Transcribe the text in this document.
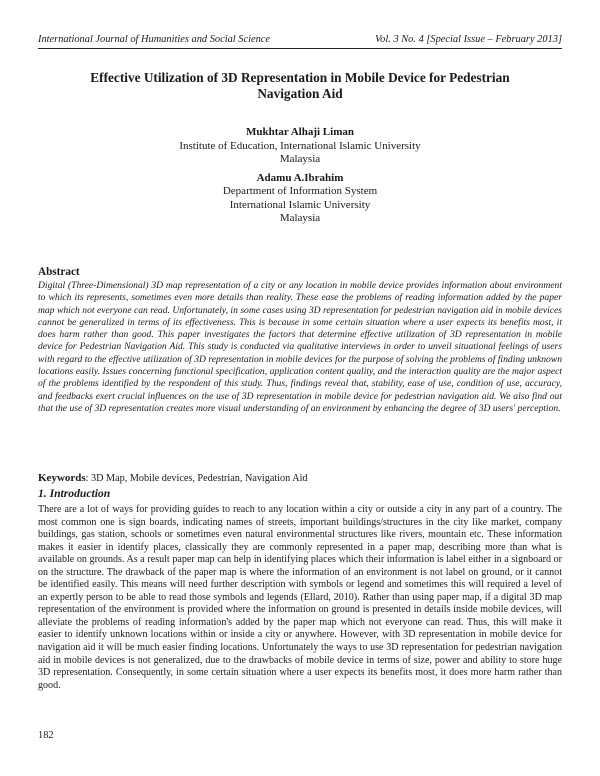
International Journal of Humanities and Social Science	Vol. 3 No. 4 [Special Issue – February 2013]
Effective Utilization of 3D Representation in Mobile Device for Pedestrian Navigation Aid
Mukhtar Alhaji Liman
Institute of Education, International Islamic University
Malaysia
Adamu A.Ibrahim
Department of Information System
International Islamic University
Malaysia
Abstract
Digital (Three-Dimensional) 3D map representation of a city or any location in mobile device provides information about environment to which its represents, sometimes even more details than reality. These ease the problems of reading information added by the paper map which not everyone can read. Unfortunately, in some cases using 3D representation for pedestrian navigation aid in mobile devices cannot be generalized in terms of its effectiveness. This is because in some certain situation where a user expects its benefits most, it does harm rather than good. This paper investigates the factors that determine effective utilization of 3D representation in mobile device for Pedestrian Navigation Aid. This study is conducted via qualitative interviews in order to unveil situational feelings of users with regard to the effective utilization of 3D representation in mobile devices for the purpose of solving the problems of finding unknown locations easily. Issues concerning functional specification, application content quality, and the interaction quality are the major aspect of the problems identified by the respondent of this study. Thus, findings reveal that, stability, ease of use, condition of use, accuracy, and feedbacks exert crucial influences on the use of 3D representation in mobile device for pedestrian navigation aid. We also find out that the use of 3D representation creates more visual understanding of an environment by enhancing the degree of 3D users' perception.
Keywords: 3D Map, Mobile devices, Pedestrian, Navigation Aid
1. Introduction
There are a lot of ways for providing guides to reach to any location within a city or outside a city in any part of a country. The most common one is sign boards, indicating names of streets, important buildings/structures in the city like market, company buildings, gas station, schools or sometimes even natural environmental structures like rivers, mountain etc. These information makes it easier in identify places, classically they are commonly represented in a paper map, describing more than what is available on grounds. As a result paper map can help in identifying places which their information is label either in a signboard or on the structure. The drawback of the paper map is where the information of an environment is not label on ground, or it cannot be identified easily. This means will need further description with symbols or legend and sometimes this will required a level of an expertly person to be able to read those symbols and legends (Ellard, 2010). Rather than using paper map, if a digital 3D map representation of the environment is provided where the information on ground is presented in details inside mobile devices, will alleviate the problems of reading information's added by the paper map which not everyone can read. Thus, this will make it easier to identify unknown locations within or inside a city or anywhere. However, with 3D representation in mobile device for navigation aid it will be much easier finding locations. Unfortunately the ways to use 3D representation for pedestrian navigation aid in mobile devices is not generalized, due to the drawbacks of mobile device in terms of size, power and ability to store huge 3D representation. Consequently, in some certain situation where a user expects its benefits most, it does more harm rather than good.
182
